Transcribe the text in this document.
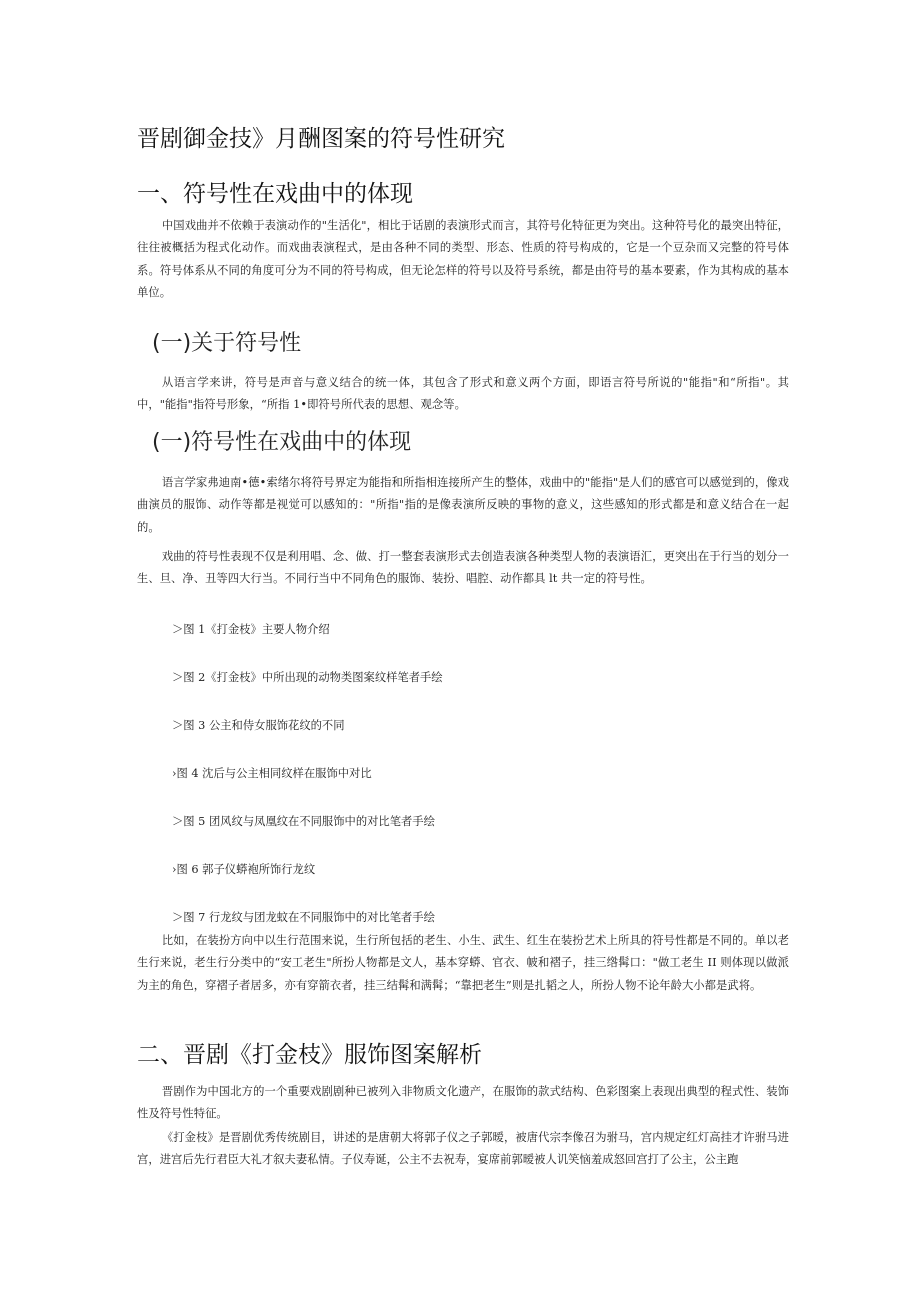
晋剧御金技》月酬图案的符号性研究
一、符号性在戏曲中的体现

中国戏曲并不依赖于表演动作的"生活化"，相比于话剧的表演形式而言，其符号化特征更为突出。这种符号化的最突出特征，往往被概括为程式化动作。而戏曲表演程式，是由各种不同的类型、形态、性质的符号构成的，它是一个豆杂而又完整的符号体系。符号体系从不同的角度可分为不同的符号构成，但无论怎样的符号以及符号系统，都是由符号的基本要素，作为其构成的基本单位。

(一)关于符号性

从语言学来讲，符号是声音与意义结合的统一体，其包含了形式和意义两个方面，即语言符号所说的"能指"和“所指"。其中，"能指"指符号形象，“所指 1•即符号所代表的思想、观念等。

(一)符号性在戏曲中的体现

语言学家弗迪南•德•索绪尔将符号界定为能指和所指相连接所产生的整体，戏曲中的"能指"是人们的感官可以感觉到的，像戏曲演员的服饰、动作等都是视觉可以感知的："所指"指的是像表演所反映的事物的意义，这些感知的形式都是和意义结合在一起的。

戏曲的符号性表现不仅是利用唱、念、做、打一整套表演形式去创造表演各种类型人物的表演语汇，更突出在于行当的划分一生、旦、净、丑等四大行当。不同行当中不同角色的服饰、装扮、唱腔、动作都具 lt 共一定的符号性。

＞图 1《打金枝》主要人物介绍
＞图 2《打金枝》中所出现的动物类图案纹样笔者手绘
＞图 3 公主和侍女服饰花纹的不同
›图 4 沈后与公主相同纹样在服饰中对比
＞图 5 团风纹与凤凰纹在不同服饰中的对比笔者手绘
›图 6 郭子仪蟒袍所饰行龙纹
＞图 7 行龙纹与团龙蚊在不同服饰中的对比笔者手绘

比如，在装扮方向中以生行范围来说，生行所包括的老生、小生、武生、红生在装扮艺术上所具的符号性都是不同的。单以老生行来说，老生行分类中的“安工老生"所扮人物都是文人，基本穿蟒、官衣、帔和褶子，挂三绺髯口："做工老生 II 则体现以做派为主的角色，穿褶子者居多，亦有穿箭衣者，挂三结髯和满髯；“靠把老生”则是扎韬之人，所扮人物不论年龄大小都是武将。

二、晋剧《打金枝》服饰图案解析

晋剧作为中国北方的一个重要戏剧剧种已被列入非物质文化遗产，在服饰的款式结构、色彩图案上表现出典型的程式性、装饰性及符号性特征。

《打金枝》是晋剧优秀传统剧目，讲述的是唐朝大将郭子仪之子郭暧，被唐代宗李像召为驸马，宫内规定红灯高挂才许驸马进宫，进宫后先行君臣大礼才叙夫妻私情。子仪寿诞，公主不去祝寿，宴席前郭暧被人讥笑恼羞成怒回宫打了公主，公主跑
